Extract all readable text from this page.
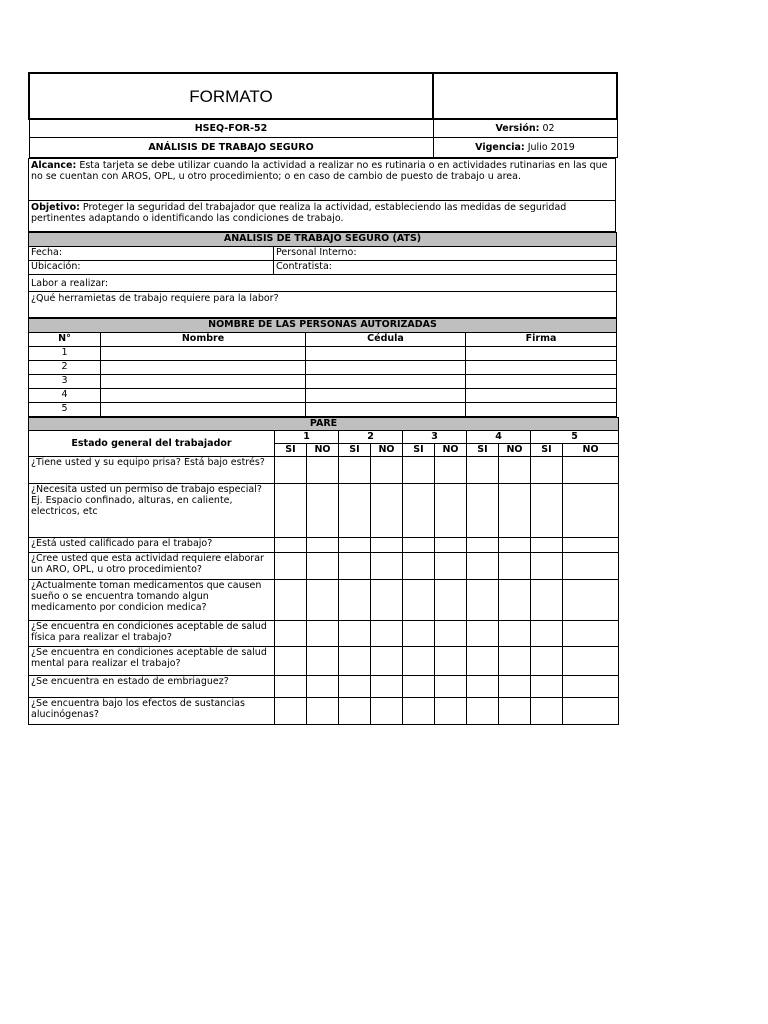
FORMATO	
HSEQ-FOR-52	Versión: 02
ANÁLISIS DE TRABAJO SEGURO	Vigencia: Julio 2019
Alcance: Esta tarjeta se debe utilizar cuando la actividad a realizar no es rutinaria o en actividades rutinarias en las que no se cuentan con AROS, OPL, u otro procedimiento; o en caso de cambio de puesto de trabajo u area.
Objetivo: Proteger la seguridad del trabajador que realiza la actividad, estableciendo las medidas de seguridad pertinentes adaptando o identificando las condiciones de trabajo.
ANALISIS DE TRABAJO SEGURO (ATS)	
Fecha:	Personal Interno:
Ubicación:	Contratista:
Labor a realizar:	
¿Qué herramietas de trabajo requiere para la labor?	
NOMBRE DE LAS PERSONAS AUTORIZADAS			
N°	Nombre	Cédula	Firma
1			
2			
3			
4			
5			
PARE										
Estado general del trabajador	1		2		3		4		5	
	SI	NO	SI	NO	SI	NO	SI	NO	SI	NO
¿Tiene usted y su equipo prisa? Está bajo estrés?										
¿Necesita usted un permiso de trabajo especial?
Ej. Espacio confinado, alturas, en caliente, electricos, etc										
¿Está usted calificado para el trabajo?										
¿Cree usted que esta actividad requiere elaborar un ARO, OPL, u otro procedimiento?										
¿Actualmente toman medicamentos que causen sueño o se encuentra tomando algun medicamento por condicion medica?										
¿Se encuentra en condiciones aceptable de salud física para realizar el trabajo?										
¿Se encuentra en condiciones aceptable de salud mental para realizar el trabajo?										
¿Se encuentra en estado de embriaguez?										
¿Se encuentra bajo los efectos de sustancias alucinógenas?										
